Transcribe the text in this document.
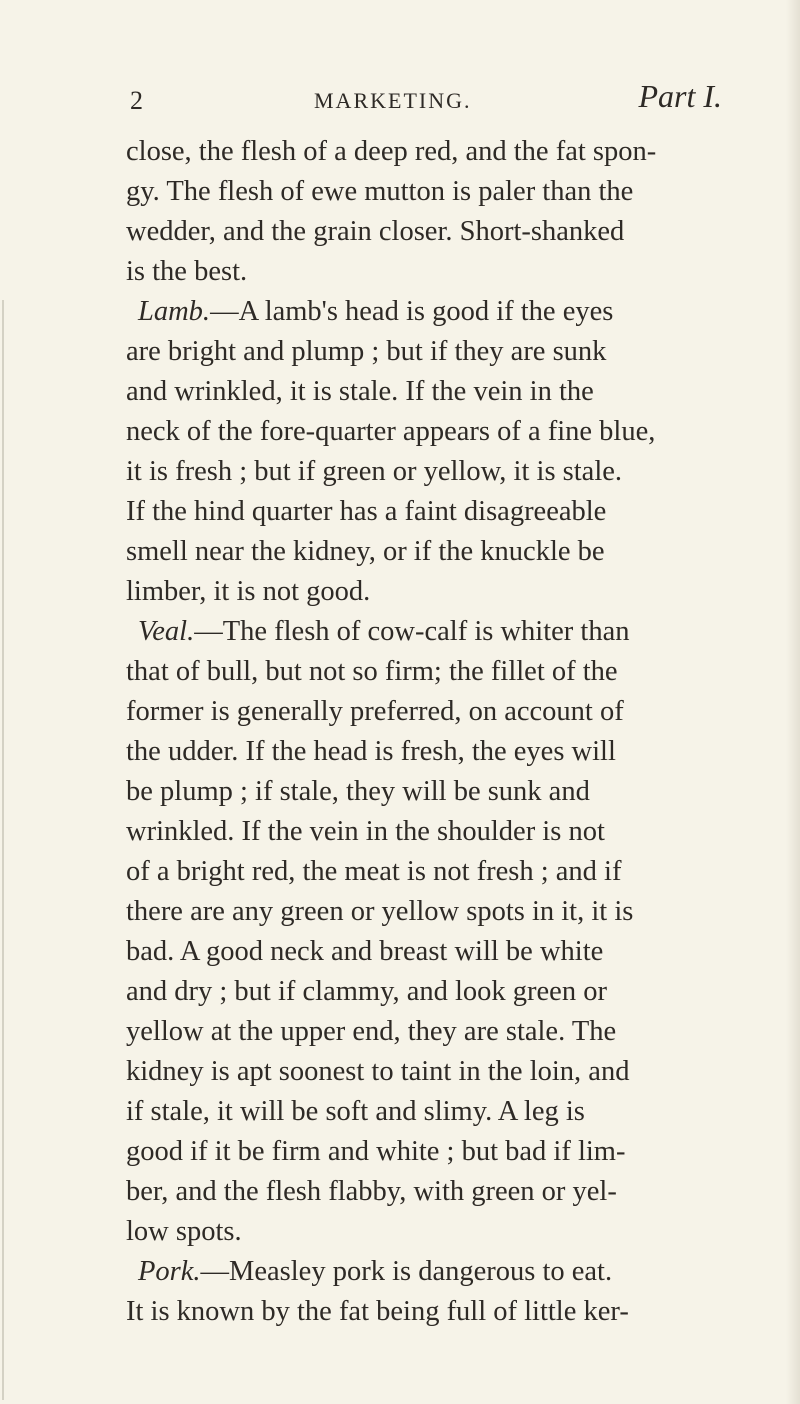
2	MARKETING.	Part I.
close, the flesh of a deep red, and the fat spon-
gy. The flesh of ewe mutton is paler than the
wedder, and the grain closer. Short-shanked
is the best.
Lamb.—A lamb's head is good if the eyes
are bright and plump ; but if they are sunk
and wrinkled, it is stale. If the vein in the
neck of the fore-quarter appears of a fine blue,
it is fresh ; but if green or yellow, it is stale.
If the hind quarter has a faint disagreeable
smell near the kidney, or if the knuckle be
limber, it is not good.
Veal.—The flesh of cow-calf is whiter than
that of bull, but not so firm; the fillet of the
former is generally preferred, on account of
the udder. If the head is fresh, the eyes will
be plump ; if stale, they will be sunk and
wrinkled. If the vein in the shoulder is not
of a bright red, the meat is not fresh ; and if
there are any green or yellow spots in it, it is
bad. A good neck and breast will be white
and dry ; but if clammy, and look green or
yellow at the upper end, they are stale. The
kidney is apt soonest to taint in the loin, and
if stale, it will be soft and slimy. A leg is
good if it be firm and white ; but bad if lim-
ber, and the flesh flabby, with green or yel-
low spots.
Pork.—Measley pork is dangerous to eat.
It is known by the fat being full of little ker-
